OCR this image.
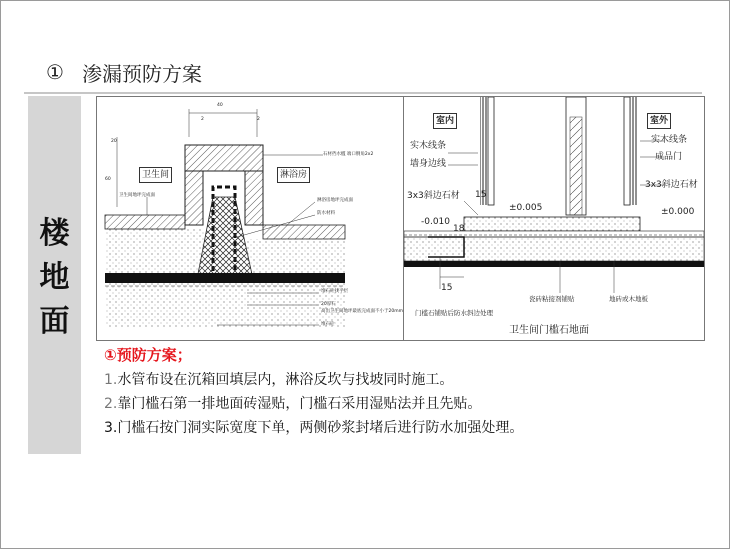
① 渗漏预防方案
楼地面
40
2	2
20
60	卫生间	淋浴房
石材挡水槛 端口倒角2x2
卫生间地坪完成面
淋浴房地坪完成面
防水材料
堆石砼找平层
20厚石
高出卫生间地坪最底完成面不小于20mm
堆石砼
室内	室外
实木线条
墙身边线
3x3斜边石材 15
-0.010
18
±0.005
15
实木线条
成品门
3x3斜边石材
±0.000
门槛石铺贴后防水斜边处理
瓷砖粘接剂铺贴	地砖或木地板
卫生间门槛石地面
①预防方案；
1.水管布设在沉箱回填层内，淋浴反坎与找坡同时施工。
2.靠门槛石第一排地面砖湿贴，门槛石采用湿贴法并且先贴。
3.门槛石按门洞实际宽度下单，两侧砂浆封堵后进行防水加强处理。
